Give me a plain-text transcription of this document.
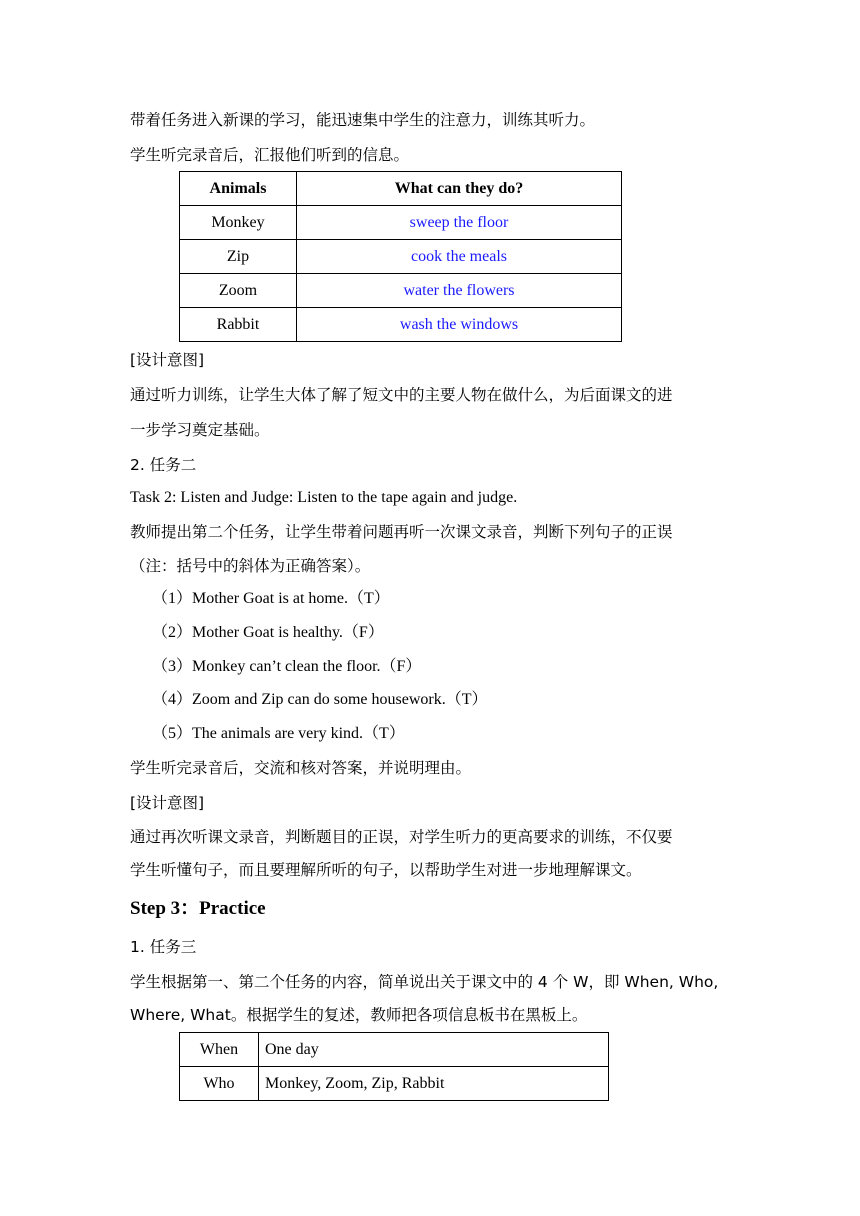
带着任务进入新课的学习，能迅速集中学生的注意力，训练其听力。
学生听完录音后，汇报他们听到的信息。
Animals	What can they do?
Monkey	sweep the floor
Zip	cook the meals
Zoom	water the flowers
Rabbit	wash the windows
[设计意图]
通过听力训练，让学生大体了解了短文中的主要人物在做什么，为后面课文的进
一步学习奠定基础。
2. 任务二
Task 2: Listen and Judge: Listen to the tape again and judge.
教师提出第二个任务，让学生带着问题再听一次课文录音，判断下列句子的正误
（注：括号中的斜体为正确答案）。
（1）Mother Goat is at home.（T）
（2）Mother Goat is healthy.（F）
（3）Monkey can’t clean the floor.（F）
（4）Zoom and Zip can do some housework.（T）
（5）The animals are very kind.（T）
学生听完录音后，交流和核对答案，并说明理由。
[设计意图]
通过再次听课文录音，判断题目的正误，对学生听力的更高要求的训练，不仅要
学生听懂句子，而且要理解所听的句子，以帮助学生对进一步地理解课文。
Step 3：Practice
1. 任务三
学生根据第一、第二个任务的内容，简单说出关于课文中的 4 个 W，即 When, Who,
Where, What。根据学生的复述，教师把各项信息板书在黑板上。
When	One day
Who	Monkey, Zoom, Zip, Rabbit
